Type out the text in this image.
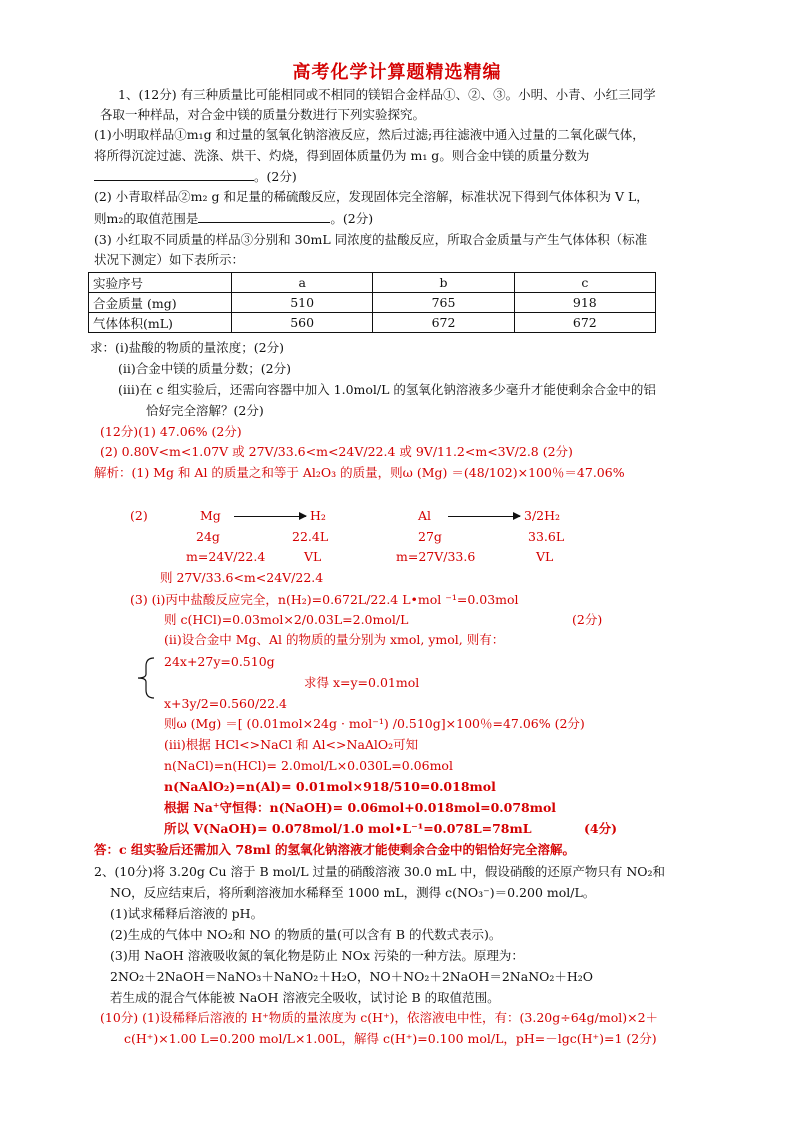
高考化学计算题精选精编
1、(12分) 有三种质量比可能相同或不相同的镁铝合金样品①、②、③。小明、小青、小红三同学
各取一种样品，对合金中镁的质量分数进行下列实验探究。
(1)小明取样品①m₁g 和过量的氢氧化钠溶液反应，然后过滤;再往滤液中通入过量的二氧化碳气体，
将所得沉淀过滤、洗涤、烘干、灼烧，得到固体质量仍为 m₁ g。则合金中镁的质量分数为
。(2分)
(2) 小青取样品②m₂ g 和足量的稀硫酸反应，发现固体完全溶解，标准状况下得到气体体积为 V L，
则m₂的取值范围是	。(2分)
(3) 小红取不同质量的样品③分别和 30mL 同浓度的盐酸反应，所取合金质量与产生气体体积（标准
状况下测定）如下表所示：
实验序号	a	b	c
合金质量 (mg)	510	765	918
气体体积(mL)	560	672	672
求：(ⅰ)盐酸的物质的量浓度；(2分)
(ⅱ)合金中镁的质量分数；(2分)
(ⅲ)在 c 组实验后，还需向容器中加入 1.0mol/L 的氢氧化钠溶液多少毫升才能使剩余合金中的铝
恰好完全溶解？(2分)
(12分)(1) 47.06% (2分)
(2) 0.80V<m<1.07V 或 27V/33.6<m<24V/22.4 或 9V/11.2<m<3V/2.8 (2分)
解析：(1) Mg 和 Al 的质量之和等于 Al₂O₃ 的质量，则ω (Mg) ＝(48/102)×100％＝47.06%
(2)	Mg	H₂	Al	3/2H₂
24g	22.4L	27g	33.6L
m=24V/22.4	VL	m=27V/33.6	VL
则 27V/33.6<m<24V/22.4
(3) (ⅰ)丙中盐酸反应完全，n(H₂)=0.672L/22.4 L•mol ⁻¹=0.03mol
则 c(HCl)=0.03mol×2/0.03L=2.0mol/L	(2分)
(ⅱ)设合金中 Mg、Al 的物质的量分别为 xmol, ymol, 则有：
24x+27y=0.510g
求得 x=y=0.01mol
x+3y/2=0.560/22.4
则ω (Mg) ＝[ (0.01mol×24g · mol⁻¹) /0.510g]×100％=47.06% (2分)
(ⅲ)根据 HCl<>NaCl 和 Al<>NaAlO₂可知
n(NaCl)=n(HCl)= 2.0mol/L×0.030L=0.06mol
n(NaAlO₂)=n(Al)= 0.01mol×918/510=0.018mol
根据 Na⁺守恒得：n(NaOH)= 0.06mol+0.018mol=0.078mol
所以 V(NaOH)= 0.078mol/1.0 mol•L⁻¹=0.078L=78mL	(4分)
答：c 组实验后还需加入 78ml 的氢氧化钠溶液才能使剩余合金中的铝恰好完全溶解。
2、(10分)将 3.20g Cu 溶于 B mol/L 过量的硝酸溶液 30.0 mL 中，假设硝酸的还原产物只有 NO₂和
NO，反应结束后，将所剩溶液加水稀释至 1000 mL，测得 c(NO₃⁻)＝0.200 mol/L。
(1)试求稀释后溶液的 pH。
(2)生成的气体中 NO₂和 NO 的物质的量(可以含有 B 的代数式表示)。
(3)用 NaOH 溶液吸收氮的氧化物是防止 NOx 污染的一种方法。原理为：
2NO₂＋2NaOH＝NaNO₃＋NaNO₂＋H₂O，NO＋NO₂＋2NaOH＝2NaNO₂＋H₂O
若生成的混合气体能被 NaOH 溶液完全吸收，试讨论 B 的取值范围。
(10分) (1)设稀释后溶液的 H⁺物质的量浓度为 c(H⁺)，依溶液电中性，有：(3.20g÷64g/mol)×2＋
c(H⁺)×1.00 L=0.200 mol/L×1.00L，解得 c(H⁺)=0.100 mol/L，pH=－lgc(H⁺)=1 (2分)
